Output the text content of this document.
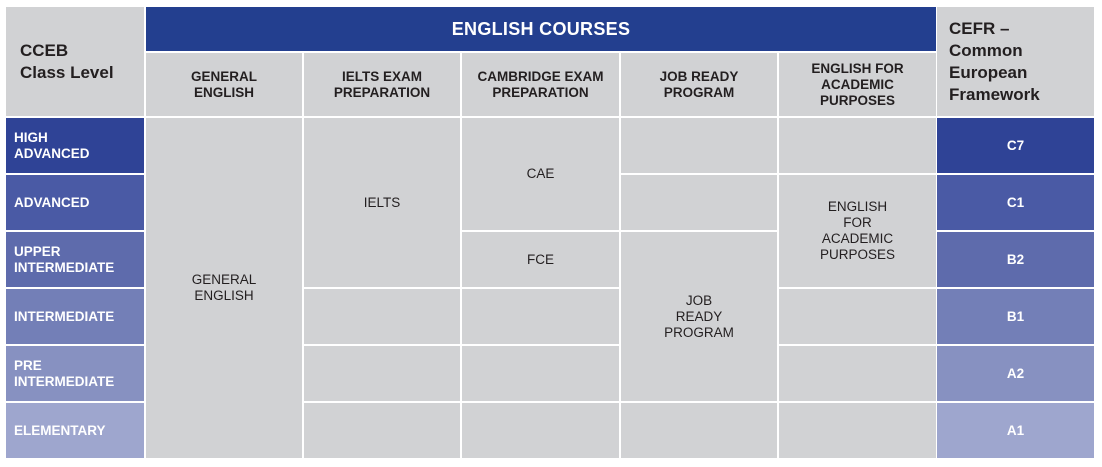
CCEB
Class Level
CEFR –
Common
European
Framework
ENGLISH COURSES
GENERAL
ENGLISH
IELTS EXAM
PREPARATION
CAMBRIDGE EXAM
PREPARATION
JOB READY
PROGRAM
ENGLISH FOR
ACADEMIC
PURPOSES
HIGH
ADVANCED
ADVANCED
UPPER
INTERMEDIATE
INTERMEDIATE
PRE
INTERMEDIATE
ELEMENTARY
C7
C1
B2
B1
A2
A1
GENERAL
ENGLISH
IELTS
CAE
FCE
JOB
READY
PROGRAM
ENGLISH
FOR
ACADEMIC
PURPOSES
